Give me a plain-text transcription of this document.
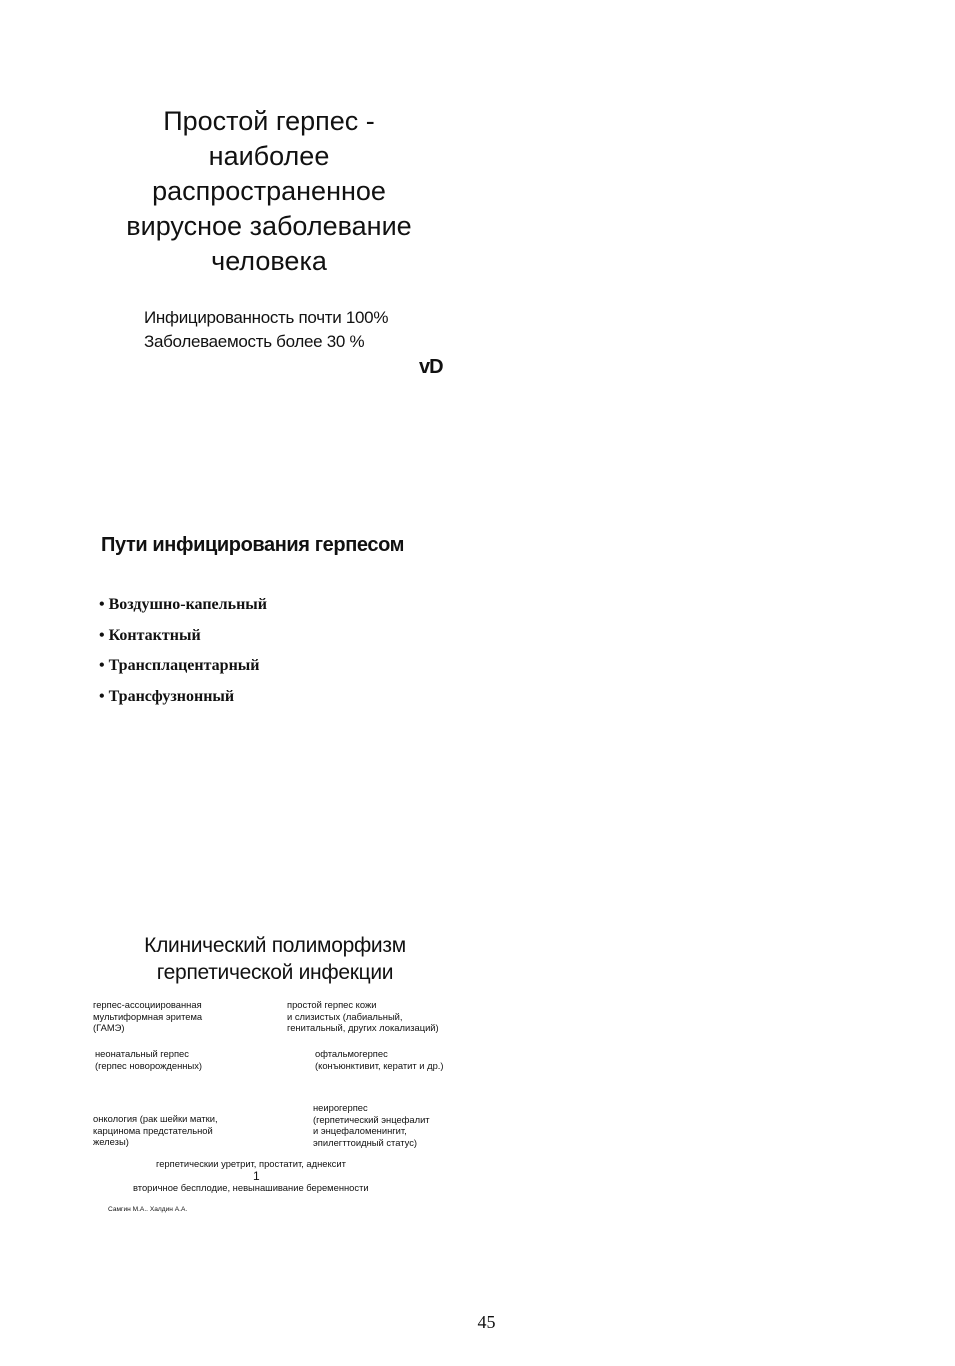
Простой герпес -
наиболее
распространенное
вирусное заболевание
человека
Инфицированность почти 100%
Заболеваемость более 30 %
vD
Пути инфицирования герпесом
• Воздушно-капельный
• Контактный
• Трансплацентарный
• Трансфузнонный
Клинический полиморфизм
герпетической инфекции
герпес-ассоциированная
мультиформная эритема
(ГАМЭ)
простой герпес кожи
и слизистых (лабиальный,
генитальный, других локализаций)
неонатальный герпес
(герпес новорожденных)
офтальмогерпес
(конъюнктивит, кератит и др.)
неирогерпес
(герпетический энцефалит
и энцефаломенингит,
эпилегттоидный статус)
онкология (рак шейки матки,
карцинома предстательной
железы)
герпетическии уретрит, простатит, аднексит
1
вторичное бесплодие, невынашивание беременности
Самгин М.А.. Халдин А.А.
45
